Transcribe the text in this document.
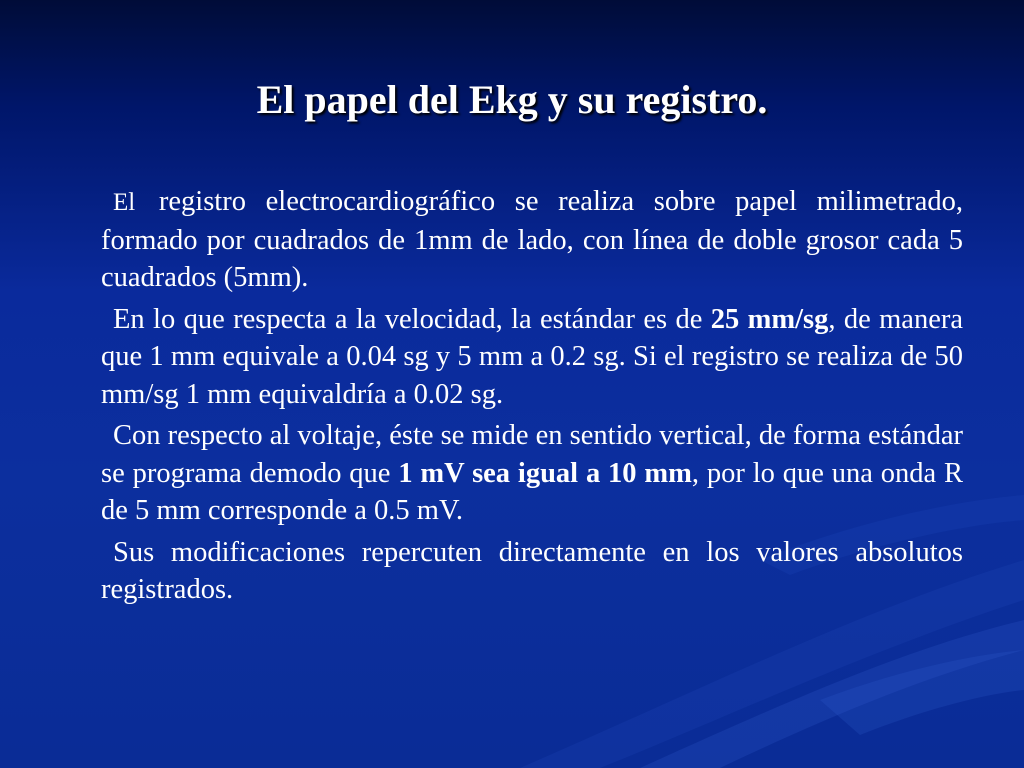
El papel del Ekg y su registro.

El registro electrocardiográfico se realiza sobre papel milimetrado, formado por cuadrados de 1mm de lado, con línea de doble grosor cada 5 cuadrados (5mm).

En lo que respecta a la velocidad, la estándar es de 25 mm/sg, de manera que 1 mm equivale a 0.04 sg y 5 mm a 0.2 sg. Si el registro se realiza de 50 mm/sg 1 mm equivaldría a 0.02 sg.

Con respecto al voltaje, éste se mide en sentido vertical, de forma estándar se programa demodo que 1 mV sea igual a 10 mm, por lo que una onda R de 5 mm corresponde a 0.5 mV.

Sus modificaciones repercuten directamente en los valores absolutos registrados.
